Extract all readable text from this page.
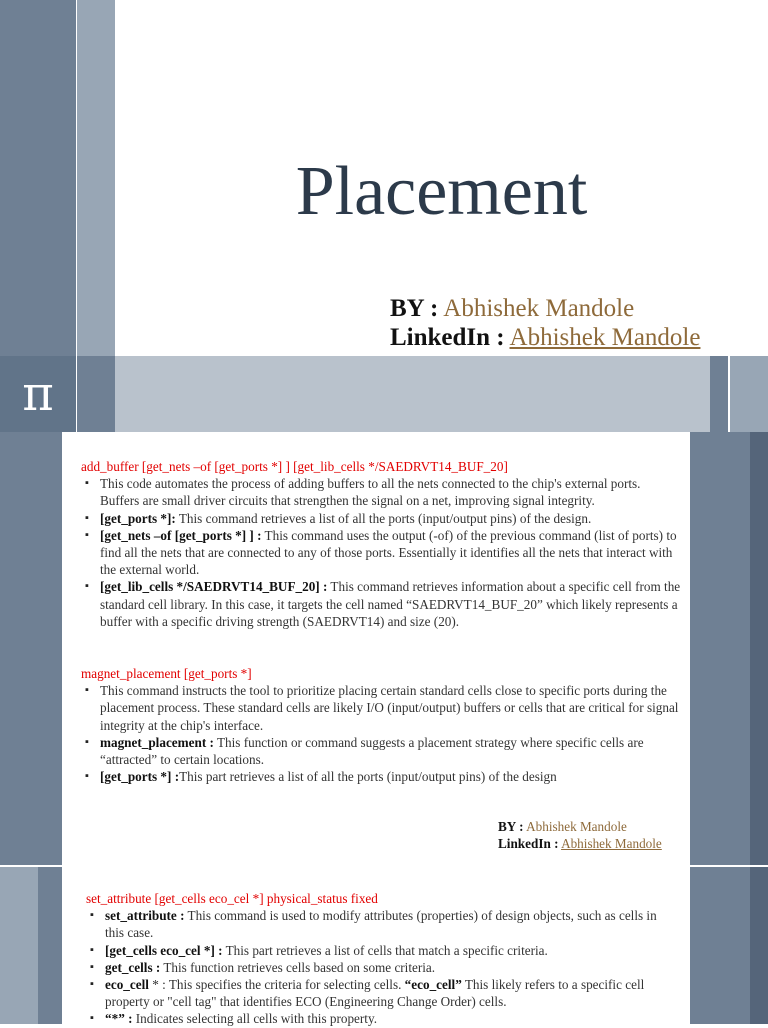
π
Placement
BY : Abhishek Mandole
LinkedIn : Abhishek Mandole
add_buffer [get_nets –of [get_ports *] ] [get_lib_cells */SAEDRVT14_BUF_20]
▪ This code automates the process of adding buffers to all the nets connected to the chip's external ports. Buffers are small driver circuits that strengthen the signal on a net, improving signal integrity.
▪ [get_ports *]: This command retrieves a list of all the ports (input/output pins) of the design.
▪ [get_nets –of [get_ports *] ] : This command uses the output (-of) of the previous command (list of ports) to find all the nets that are connected to any of those ports. Essentially it identifies all the nets that interact with the external world.
▪ [get_lib_cells */SAEDRVT14_BUF_20] : This command retrieves information about a specific cell from the standard cell library. In this case, it targets the cell named “SAEDRVT14_BUF_20” which likely represents a buffer with a specific driving strength (SAEDRVT14) and size (20).
magnet_placement [get_ports *]
▪ This command instructs the tool to prioritize placing certain standard cells close to specific ports during the placement process. These standard cells are likely I/O (input/output) buffers or cells that are critical for signal integrity at the chip's interface.
▪ magnet_placement : This function or command suggests a placement strategy where specific cells are “attracted” to certain locations.
▪ [get_ports *] :This part retrieves a list of all the ports (input/output pins) of the design
BY : Abhishek Mandole
LinkedIn : Abhishek Mandole
set_attribute [get_cells eco_cel *] physical_status fixed
▪ set_attribute : This command is used to modify attributes (properties) of design objects, such as cells in this case.
▪ [get_cells eco_cel *] : This part retrieves a list of cells that match a specific criteria.
▪ get_cells : This function retrieves cells based on some criteria.
▪ eco_cell * : This specifies the criteria for selecting cells. “eco_cell” This likely refers to a specific cell property or "cell tag" that identifies ECO (Engineering Change Order) cells.
▪ “*” : Indicates selecting all cells with this property.
